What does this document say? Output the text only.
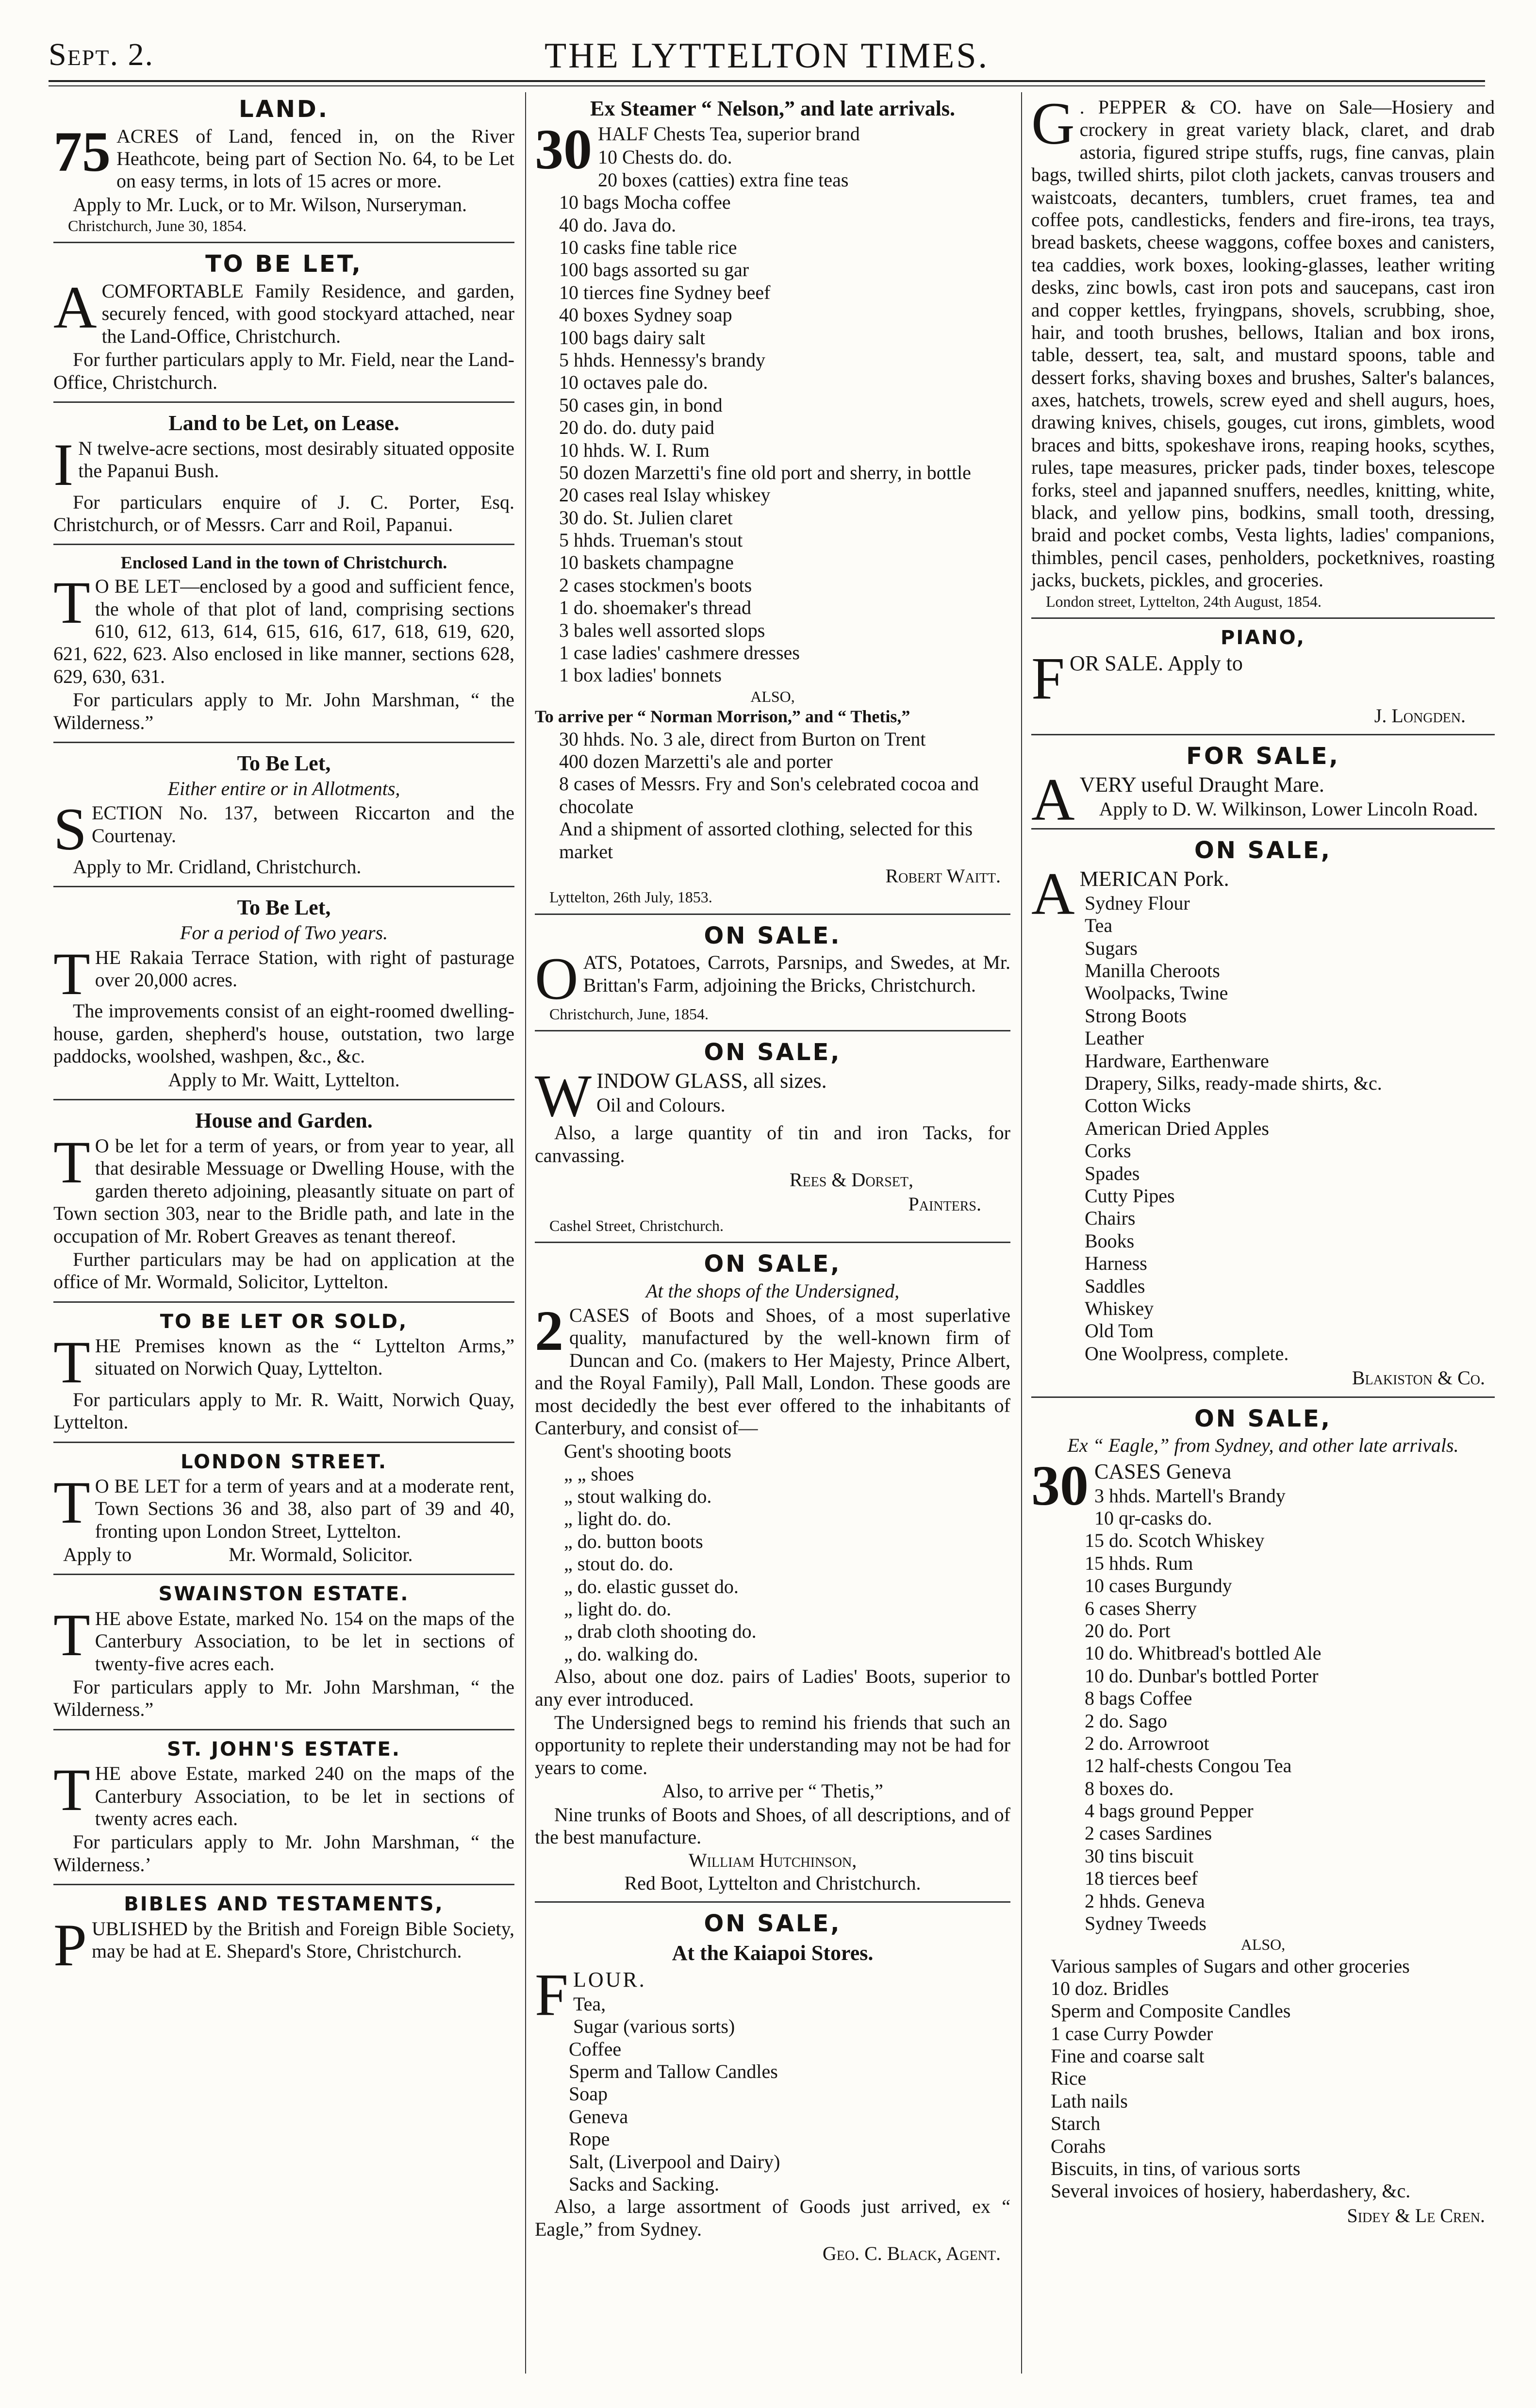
Sept. 2.	THE LYTTELTON TIMES.
LAND.

75 ACRES of Land, fenced in, on the River Heathcote, being part of Section No. 64, to be Let on easy terms, in lots of 15 acres or more.

Apply to Mr. Luck, or to Mr. Wilson, Nurseryman.

Christchurch, June 30, 1854.
TO BE LET,

ACOMFORTABLE Family Residence, and garden, securely fenced, with good stockyard attached, near the Land-Office, Christchurch.

For further particulars apply to Mr. Field, near the Land-Office, Christchurch.

Land to be Let, on Lease.

I N twelve-acre sections, most desirably situated opposite the Papanui Bush.

For particulars enquire of J. C. Porter, Esq. Christchurch, or of Messrs. Carr and Roil, Papanui.

Enclosed Land in the town of Christchurch.

T O BE LET—enclosed by a good and sufficient fence, the whole of that plot of land, comprising sections 610, 612, 613, 614, 615, 616, 617, 618, 619, 620, 621, 622, 623. Also enclosed in like manner, sections 628, 629, 630, 631.

For particulars apply to Mr. John Marshman, “ the Wilderness.”

To Be Let,
Either entire or in Allotments,

SECTION No. 137, between Riccarton and the Courtenay.

Apply to Mr. Cridland, Christchurch.

To Be Let,
For a period of Two years.

THE Rakaia Terrace Station, with right of pasturage over 20,000 acres.

The improvements consist of an eight-roomed dwelling-house, garden, shepherd's house, outstation, two large paddocks, woolshed, washpen, &c., &c.

Apply to Mr. Waitt, Lyttelton.

House and Garden.

T O be let for a term of years, or from year to year, all that desirable Messuage or Dwelling House, with the garden thereto adjoining, pleasantly situate on part of Town section 303, near to the Bridle path, and late in the occupation of Mr. Robert Greaves as tenant thereof.

Further particulars may be had on application at the office of Mr. Wormald, Solicitor, Lyttelton.

TO BE LET OR SOLD,

THE Premises known as the “ Lyttelton Arms,” situated on Norwich Quay, Lyttelton.

For particulars apply to Mr. R. Waitt, Norwich Quay, Lyttelton.

LONDON STREET.

T O BE LET for a term of years and at a moderate rent, Town Sections 36 and 38, also part of 39 and 40, fronting upon London Street, Lyttelton.

Apply to	Mr. Wormald, Solicitor.

SWAINSTON ESTATE.

THE above Estate, marked No. 154 on the maps of the Canterbury Association, to be let in sections of twenty-five acres each.

For particulars apply to Mr. John Marshman, “ the Wilderness.”

ST. JOHN'S ESTATE.

THE above Estate, marked 240 on the maps of the Canterbury Association, to be let in sections of twenty acres each.

For particulars apply to Mr. John Marshman, “ the Wilderness.’

BIBLES AND TESTAMENTS,

PUBLISHED by the British and Foreign Bible Society, may be had at E. Shepard's Store, Christchurch.

Ex Steamer “ Nelson,” and late arrivals.

30 HALF Chests Tea, superior brand

10 Chests do. do.
20 boxes (catties) extra fine teas
10 bags Mocha coffee
40 do. Java do.
10 casks fine table rice
100 bags assorted su gar
10 tierces fine Sydney beef
40 boxes Sydney soap
100 bags dairy salt
5 hhds. Hennessy's brandy
10 octaves pale do.
50 cases gin, in bond
20 do. do. duty paid
10 hhds. W. I. Rum
50 dozen Marzetti's fine old port and sherry, in bottle
20 cases real Islay whiskey
30 do. St. Julien claret
5 hhds. Trueman's stout
10 baskets champagne
2 cases stockmen's boots
1 do. shoemaker's thread
3 bales well assorted slops
1 case ladies' cashmere dresses
1 box ladies' bonnets
ALSO,

To arrive per “ Norman Morrison,” and “ Thetis,”

30 hhds. No. 3 ale, direct from Burton on Trent
400 dozen Marzetti's ale and porter
8 cases of Messrs. Fry and Son's celebrated cocoa and chocolate
And a shipment of assorted clothing, selected for this market
Robert Waitt.
Lyttelton, 26th July, 1853.
ON SALE.

OATS, Potatoes, Carrots, Parsnips, and Swedes, at Mr. Brittan's Farm, adjoining the Bricks, Christchurch.

Christchurch, June, 1854.
ON SALE,

WINDOW GLASS, all sizes.

Oil and Colours.

Also, a large quantity of tin and iron Tacks, for canvassing.

Rees & Dorset,
Painters.
Cashel Street, Christchurch.
ON SALE,
At the shops of the Undersigned,

2 CASES of Boots and Shoes, of a most superlative quality, manufactured by the well-known firm of Duncan and Co. (makers to Her Majesty, Prince Albert, and the Royal Family), Pall Mall, London. These goods are most decidedly the best ever offered to the inhabitants of Canterbury, and consist of—

Gent's shooting boots
„ „ shoes
„ stout walking do.
„ light do. do.
„ do. button boots
„ stout do. do.
„ do. elastic gusset do.
„ light do. do.
„ drab cloth shooting do.
„ do. walking do.

Also, about one doz. pairs of Ladies' Boots, superior to any ever introduced.

The Undersigned begs to remind his friends that such an opportunity to replete their understanding may not be had for years to come.

Also, to arrive per “ Thetis,”

Nine trunks of Boots and Shoes, of all descriptions, and of the best manufacture.

William Hutchinson,
Red Boot, Lyttelton and Christchurch.
ON SALE,
At the Kaiapoi Stores.

FLOUR.

Tea,
Sugar (various sorts)
Coffee
Sperm and Tallow Candles
Soap
Geneva
Rope
Salt, (Liverpool and Dairy)
Sacks and Sacking.

Also, a large assortment of Goods just arrived, ex “ Eagle,” from Sydney.

Geo. C. Black, Agent.

G . PEPPER & CO. have on Sale—Hosiery and crockery in great variety black, claret, and drab astoria, figured stripe stuffs, rugs, fine canvas, plain bags, twilled shirts, pilot cloth jackets, canvas trousers and waistcoats, decanters, tumblers, cruet frames, tea and coffee pots, candlesticks, fenders and fire-irons, tea trays, bread baskets, cheese waggons, coffee boxes and canisters, tea caddies, work boxes, looking-glasses, leather writing desks, zinc bowls, cast iron pots and saucepans, cast iron and copper kettles, fryingpans, shovels, scrubbing, shoe, hair, and tooth brushes, bellows, Italian and box irons, table, dessert, tea, salt, and mustard spoons, table and dessert forks, shaving boxes and brushes, Salter's balances, axes, hatchets, trowels, screw eyed and shell augurs, hoes, drawing knives, chisels, gouges, cut irons, gimblets, wood braces and bitts, spokeshave irons, reaping hooks, scythes, rules, tape measures, pricker pads, tinder boxes, telescope forks, steel and japanned snuffers, needles, knitting, white, black, and yellow pins, bodkins, small tooth, dressing, braid and pocket combs, Vesta lights, ladies' companions, thimbles, pencil cases, penholders, pocketknives, roasting jacks, buckets, pickles, and groceries.

London street, Lyttelton, 24th August, 1854.
PIANO,

FOR SALE. Apply to

J. Longden.
FOR SALE,

AVERY useful Draught Mare.

Apply to D. W. Wilkinson, Lower Lincoln Road.

ON SALE,

AMERICAN Pork.

Sydney Flour
Tea
Sugars
Manilla Cheroots
Woolpacks, Twine
Strong Boots
Leather
Hardware, Earthenware
Drapery, Silks, ready-made shirts, &c.
Cotton Wicks
American Dried Apples
Corks
Spades
Cutty Pipes
Chairs
Books
Harness
Saddles
Whiskey
Old Tom
One Woolpress, complete.
Blakiston & Co.
ON SALE,
Ex “ Eagle,” from Sydney, and other late arrivals.

30 CASES Geneva

3 hhds. Martell's Brandy
10 qr-casks do.
15 do. Scotch Whiskey
15 hhds. Rum
10 cases Burgundy
6 cases Sherry
20 do. Port
10 do. Whitbread's bottled Ale
10 do. Dunbar's bottled Porter
8 bags Coffee
2 do. Sago
2 do. Arrowroot
12 half-chests Congou Tea
8 boxes do.
4 bags ground Pepper
2 cases Sardines
30 tins biscuit
18 tierces beef
2 hhds. Geneva
Sydney Tweeds
ALSO,
Various samples of Sugars and other groceries
10 doz. Bridles
Sperm and Composite Candles
1 case Curry Powder
Fine and coarse salt
Rice
Lath nails
Starch
Corahs
Biscuits, in tins, of various sorts
Several invoices of hosiery, haberdashery, &c.
Sidey & Le Cren.
